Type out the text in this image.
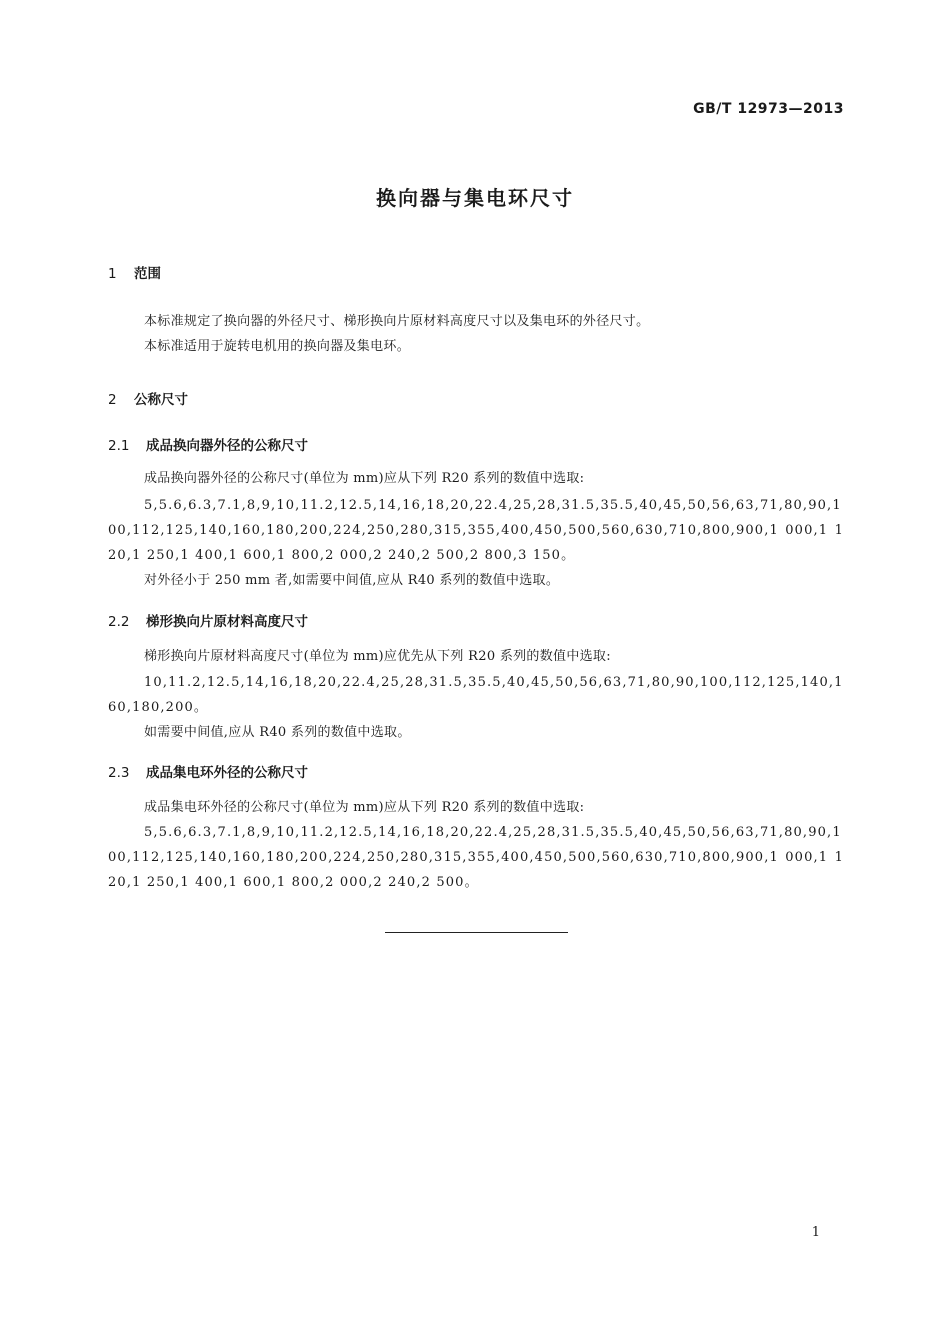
GB/T 12973—2013
换向器与集电环尺寸
1 范围
本标准规定了换向器的外径尺寸、梯形换向片原材料高度尺寸以及集电环的外径尺寸。
本标准适用于旋转电机用的换向器及集电环。
2 公称尺寸
2.1 成品换向器外径的公称尺寸
成品换向器外径的公称尺寸(单位为 mm)应从下列 R20 系列的数值中选取:
5,5.6,6.3,7.1,8,9,10,11.2,12.5,14,16,18,20,22.4,25,28,31.5,35.5,40,45,50,56,63,71,80,90,100,112,125,140,160,180,200,224,250,280,315,355,400,450,500,560,630,710,800,900,1 000,1 120,1 250,1 400,1 600,1 800,2 000,2 240,2 500,2 800,3 150。
对外径小于 250 mm 者,如需要中间值,应从 R40 系列的数值中选取。
2.2 梯形换向片原材料高度尺寸
梯形换向片原材料高度尺寸(单位为 mm)应优先从下列 R20 系列的数值中选取:
10,11.2,12.5,14,16,18,20,22.4,25,28,31.5,35.5,40,45,50,56,63,71,80,90,100,112,125,140,160,180,200。
如需要中间值,应从 R40 系列的数值中选取。
2.3 成品集电环外径的公称尺寸
成品集电环外径的公称尺寸(单位为 mm)应从下列 R20 系列的数值中选取:
5,5.6,6.3,7.1,8,9,10,11.2,12.5,14,16,18,20,22.4,25,28,31.5,35.5,40,45,50,56,63,71,80,90,100,112,125,140,160,180,200,224,250,280,315,355,400,450,500,560,630,710,800,900,1 000,1 120,1 250,1 400,1 600,1 800,2 000,2 240,2 500。
1
